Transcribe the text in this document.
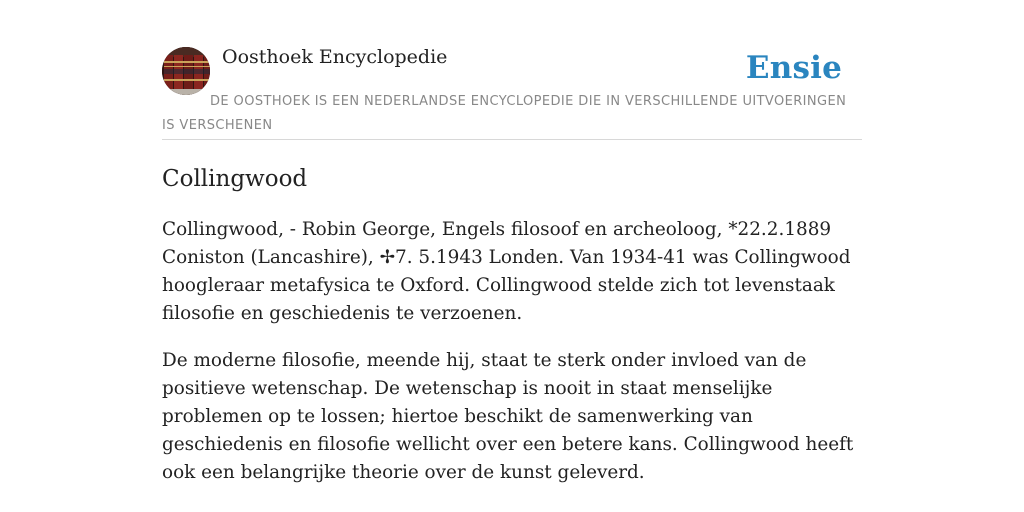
Oosthoek Encyclopedie	Ensie
DE OOSTHOEK IS EEN NEDERLANDSE ENCYCLOPEDIE DIE IN VERSCHILLENDE UITVOERINGEN IS VERSCHENEN
Collingwood

Collingwood, - Robin George, Engels filosoof en archeoloog, *22.2.1889 Coniston (Lancashire), ✢7. 5.1943 Londen. Van 1934-41 was Collingwood hoogleraar metafysica te Oxford. Collingwood stelde zich tot levenstaak filosofie en geschiedenis te verzoenen.

De moderne filosofie, meende hij, staat te sterk onder invloed van de positieve wetenschap. De wetenschap is nooit in staat menselijke problemen op te lossen; hiertoe beschikt de samenwerking van geschiedenis en filosofie wellicht over een betere kans. Collingwood heeft ook een belangrijke theorie over de kunst geleverd.
